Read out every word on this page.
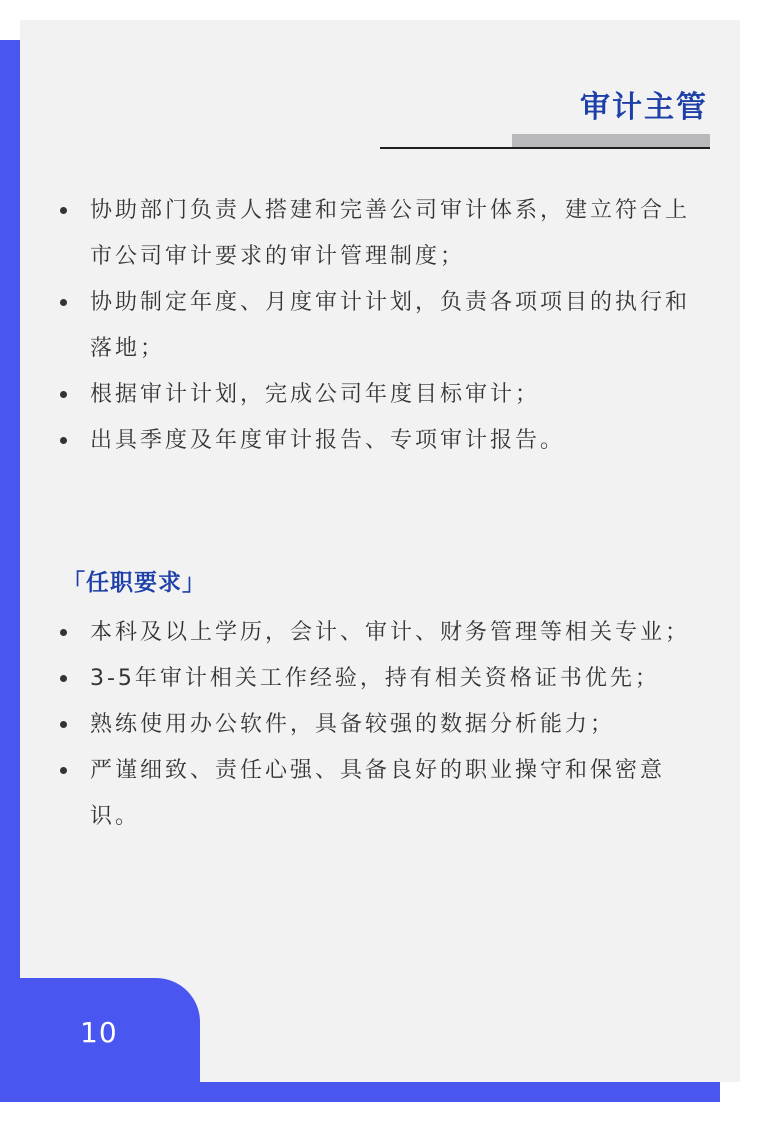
审计主管
协助部门负责人搭建和完善公司审计体系，建立符合上市公司审计要求的审计管理制度；
协助制定年度、月度审计计划，负责各项项目的执行和落地；
根据审计计划，完成公司年度目标审计；
出具季度及年度审计报告、专项审计报告。
「任职要求」
本科及以上学历，会计、审计、财务管理等相关专业；
3-5年审计相关工作经验，持有相关资格证书优先；
熟练使用办公软件，具备较强的数据分析能力；
严谨细致、责任心强、具备良好的职业操守和保密意识。
10
